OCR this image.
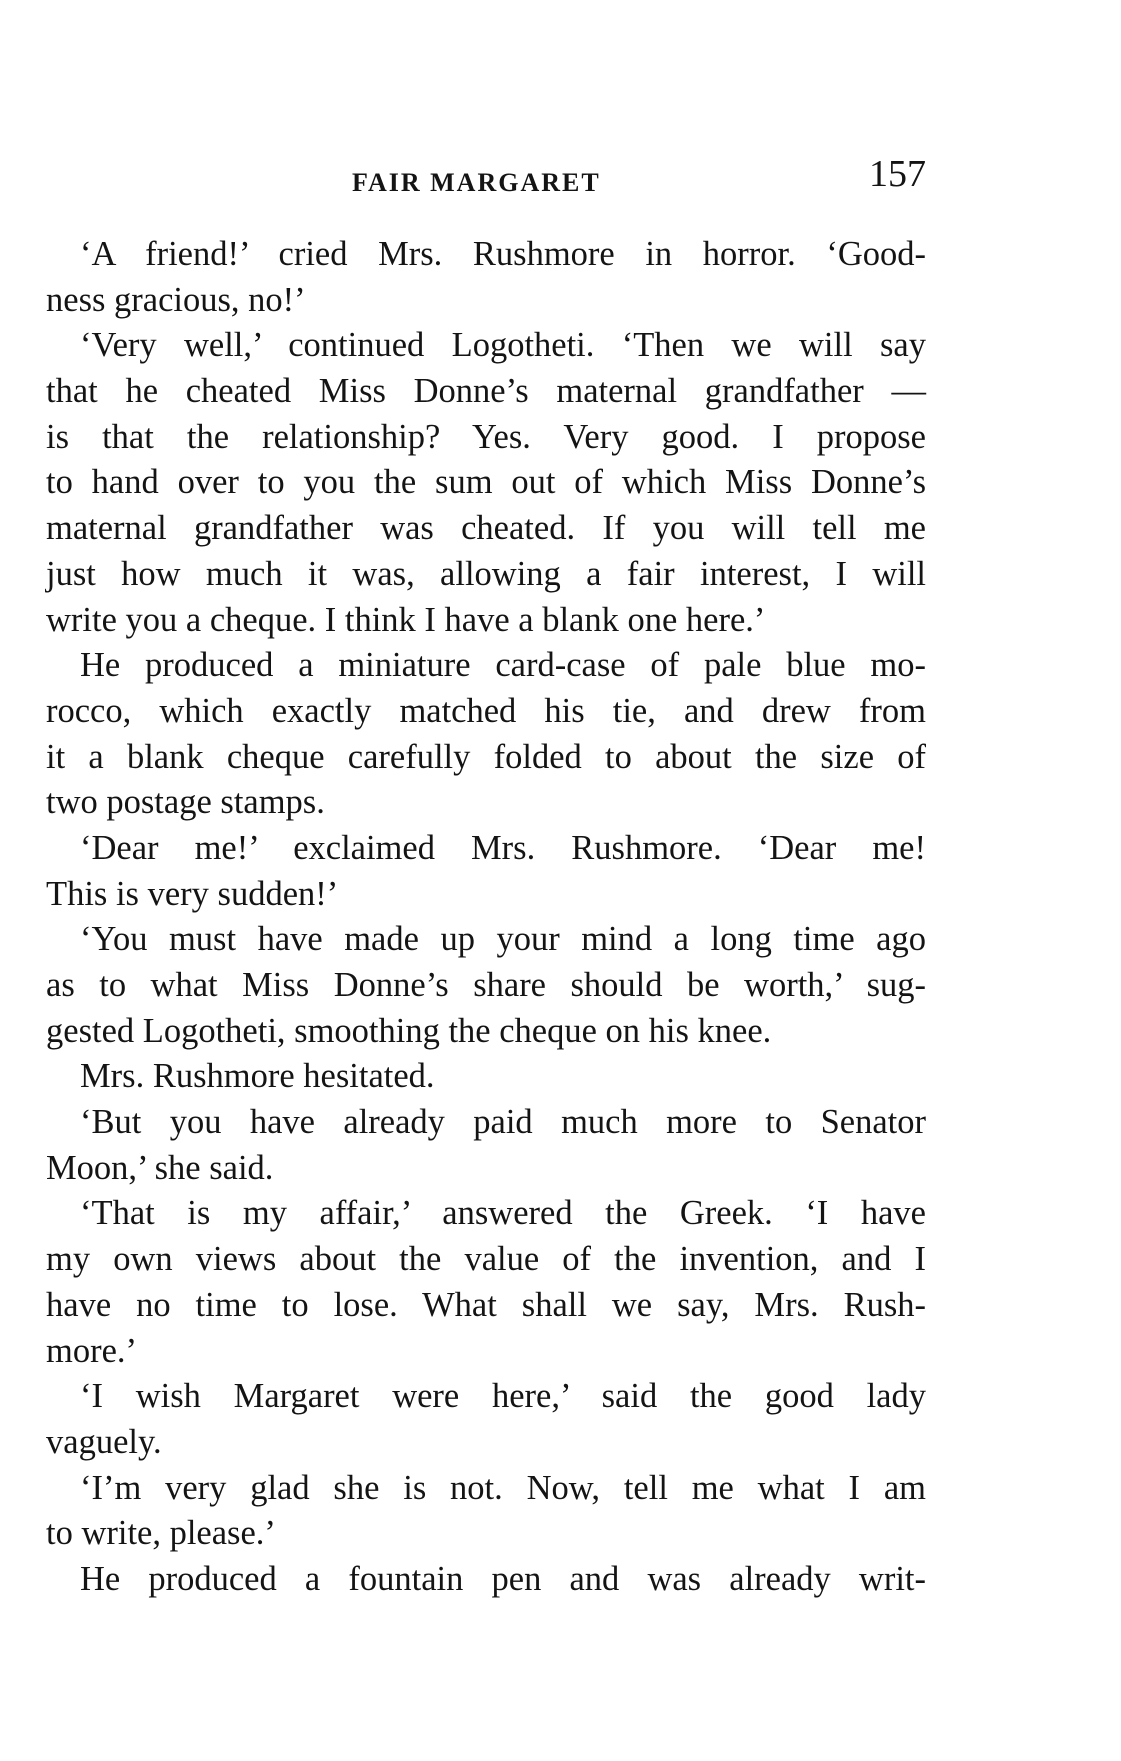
FAIR MARGARET	157
‘A friend!’ cried Mrs. Rushmore in horror. ‘Good-
ness gracious, no!’
‘Very well,’ continued Logotheti. ‘Then we will say
that he cheated Miss Donne’s maternal grandfather —
is that the relationship? Yes. Very good. I propose
to hand over to you the sum out of which Miss Donne’s
maternal grandfather was cheated. If you will tell me
just how much it was, allowing a fair interest, I will
write you a cheque. I think I have a blank one here.’
He produced a miniature card-case of pale blue mo-
rocco, which exactly matched his tie, and drew from
it a blank cheque carefully folded to about the size of
two postage stamps.
‘Dear me!’ exclaimed Mrs. Rushmore. ‘Dear me!
This is very sudden!’
‘You must have made up your mind a long time ago
as to what Miss Donne’s share should be worth,’ sug-
gested Logotheti, smoothing the cheque on his knee.
Mrs. Rushmore hesitated.
‘But you have already paid much more to Senator
Moon,’ she said.
‘That is my affair,’ answered the Greek. ‘I have
my own views about the value of the invention, and I
have no time to lose. What shall we say, Mrs. Rush-
more.’
‘I wish Margaret were here,’ said the good lady
vaguely.
‘I’m very glad she is not. Now, tell me what I am
to write, please.’
He produced a fountain pen and was already writ-
